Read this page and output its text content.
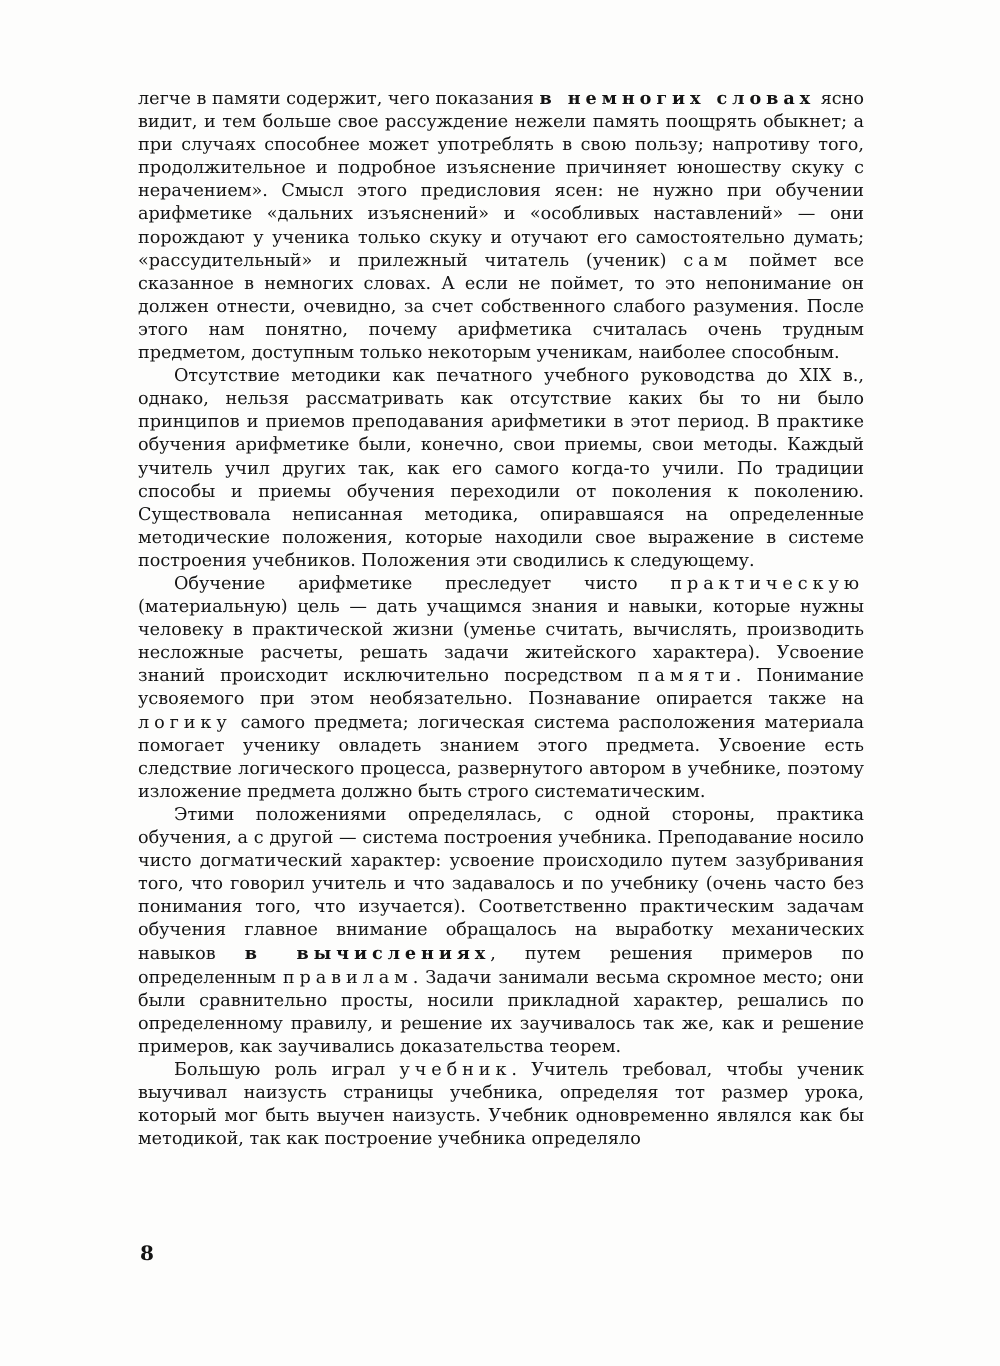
легче в памяти содержит, чего показания в немногих словах ясно видит, и тем больше свое рассуждение нежели память поощрять обыкнет; а при случаях способнее может употреблять в свою пользу; напротиву того, продолжительное и подробное изъяснение причиняет юношеству скуку с нерачением». Смысл этого предисловия ясен: не нужно при обучении арифметике «дальних изъяснений» и «особливых наставлений» — они порождают у ученика только скуку и отучают его самостоятельно думать; «рассудительный» и прилежный читатель (ученик) сам поймет все сказанное в немногих словах. А если не поймет, то это непонимание он должен отнести, очевидно, за счет собственного слабого разумения. После этого нам понятно, почему арифметика считалась очень трудным предметом, доступным только некоторым ученикам, наиболее способным.

Отсутствие методики как печатного учебного руководства до XIX в., однако, нельзя рассматривать как отсутствие каких бы то ни было принципов и приемов преподавания арифметики в этот период. В практике обучения арифметике были, конечно, свои приемы, свои методы. Каждый учитель учил других так, как его самого когда-то учили. По традиции способы и приемы обучения переходили от поколения к поколению. Существовала неписанная методика, опиравшаяся на определенные методические положения, которые находили свое выражение в системе построения учебников. Положения эти сводились к следующему.

Обучение арифметике преследует чисто практическую (материальную) цель — дать учащимся знания и навыки, которые нужны человеку в практической жизни (уменье считать, вычислять, производить несложные расчеты, решать задачи житейского характера). Усвоение знаний происходит исключительно посредством памяти. Понимание усвояемого при этом необязательно. Познавание опирается также на логику самого предмета; логическая система расположения материала помогает ученику овладеть знанием этого предмета. Усвоение есть следствие логического процесса, развернутого автором в учебнике, поэтому изложение предмета должно быть строго систематическим.

Этими положениями определялась, с одной стороны, практика обучения, а с другой — система построения учебника. Преподавание носило чисто догматический характер: усвоение происходило путем зазубривания того, что говорил учитель и что задавалось и по учебнику (очень часто без понимания того, что изучается). Соответственно практическим задачам обучения главное внимание обращалось на выработку механических навыков в вычислениях, путем решения примеров по определенным правилам. Задачи занимали весьма скромное место; они были сравнительно просты, носили прикладной характер, решались по определенному правилу, и решение их заучивалось так же, как и решение примеров, как заучивались доказательства теорем.

Большую роль играл учебник. Учитель требовал, чтобы ученик выучивал наизусть страницы учебника, определяя тот размер урока, который мог быть выучен наизусть. Учебник одновременно являлся как бы методикой, так как построение учебника определяло

8
